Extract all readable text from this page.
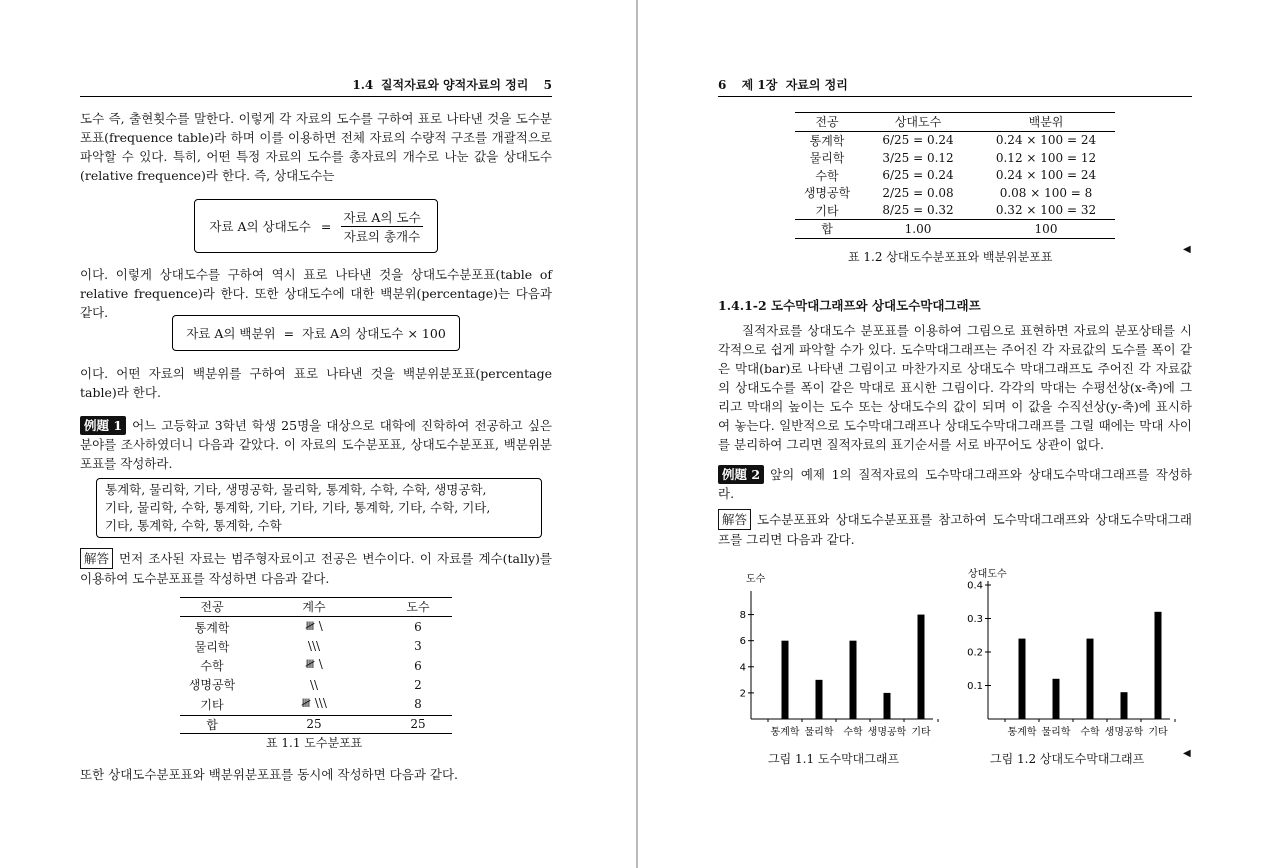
1.4 질적자료와 양적자료의 정리 5

도수 즉, 출현횟수를 말한다. 이렇게 각 자료의 도수를 구하여 표로 나타낸 것을 도수분포표(frequence table)라 하며 이를 이용하면 전체 자료의 수량적 구조를 개괄적으로 파악할 수 있다. 특히, 어떤 특정 자료의 도수를 총자료의 개수로 나눈 값을 상대도수(relative frequence)라 한다. 즉, 상대도수는

자료 A의 상대도수 = $\frac{\text{자료 A의 도수}}{\text{자료의 총개수}}$

이다. 이렇게 상대도수를 구하여 역시 표로 나타낸 것을 상대도수분포표(table of relative frequence)라 한다. 또한 상대도수에 대한 백분위(percentage)는 다음과 같다.

자료 A의 백분위  =  자료 A의 상대도수 × 100

이다. 어떤 자료의 백분위를 구하여 표로 나타낸 것을 백분위분포표(percentage table)라 한다.

例題 1 어느 고등학교 3학년 학생 25명을 대상으로 대학에 진학하여 전공하고 싶은 분야를 조사하였더니 다음과 같았다. 이 자료의 도수분포표, 상대도수분포표, 백분위분포표를 작성하라.

통계학, 물리학, 기타, 생명공학, 물리학, 통계학, 수학, 수학, 생명공학,
기타, 물리학, 수학, 통계학, 기타, 기타, 기타, 통계학, 기타, 수학, 기타,
기타, 통계학, 수학, 통계학, 수학

解答 먼저 조사된 자료는 범주형자료이고 전공은 변수이다. 이 자료를 계수(tally)를 이용하여 도수분포표를 작성하면 다음과 같다.

전공	계수	도수
통계학	𝍸 \	6
물리학	\\\	3
수학	𝍸 \	6
생명공학	\\	2
기타	𝍸 \\\	8
합	25	25
표 1.1 도수분포표

또한 상대도수분포표와 백분위분포표를 동시에 작성하면 다음과 같다.

6 제 1장  자료의 정리
전공	상대도수	백분위
통계학	6/25 = 0.24	0.24 × 100 = 24
물리학	3/25 = 0.12	0.12 × 100 = 12
수학	6/25 = 0.24	0.24 × 100 = 24
생명공학	2/25 = 0.08	0.08 × 100 = 8
기타	8/25 = 0.32	0.32 × 100 = 32
합	1.00	100
표 1.2 상대도수분포표와 백분위분포표
◀
1.4.1-2 도수막대그래프와 상대도수막대그래프

질적자료를 상대도수 분포표를 이용하여 그림으로 표현하면 자료의 분포상태를 시각적으로 쉽게 파악할 수가 있다. 도수막대그래프는 주어진 각 자료값의 도수를 폭이 같은 막대(bar)로 나타낸 그림이고 마찬가지로 상대도수 막대그래프도 주어진 각 자료값의 상대도수를 폭이 같은 막대로 표시한 그림이다. 각각의 막대는 수평선상(x-축)에 그리고 막대의 높이는 도수 또는 상대도수의 값이 되며 이 값을 수직선상(y-축)에 표시하여 놓는다. 일반적으로 도수막대그래프나 상대도수막대그래프를 그릴 때에는 막대 사이를 분리하여 그리면 질적자료의 표기순서를 서로 바꾸어도 상관이 없다.

例題 2 앞의 예제 1의 질적자료의 도수막대그래프와 상대도수막대그래프를 작성하라.

解答 도수분포표와 상대도수분포표를 참고하여 도수막대그래프와 상대도수막대그래프를 그리면 다음과 같다.

도수
2
4
6
8
통계학 물리학 수학 생명공학 기타
상대도수
0.1
0.2
0.3
0.4
통계학 물리학 수학 생명공학 기타
그림 1.1 도수막대그래프	그림 1.2 상대도수막대그래프	◀
